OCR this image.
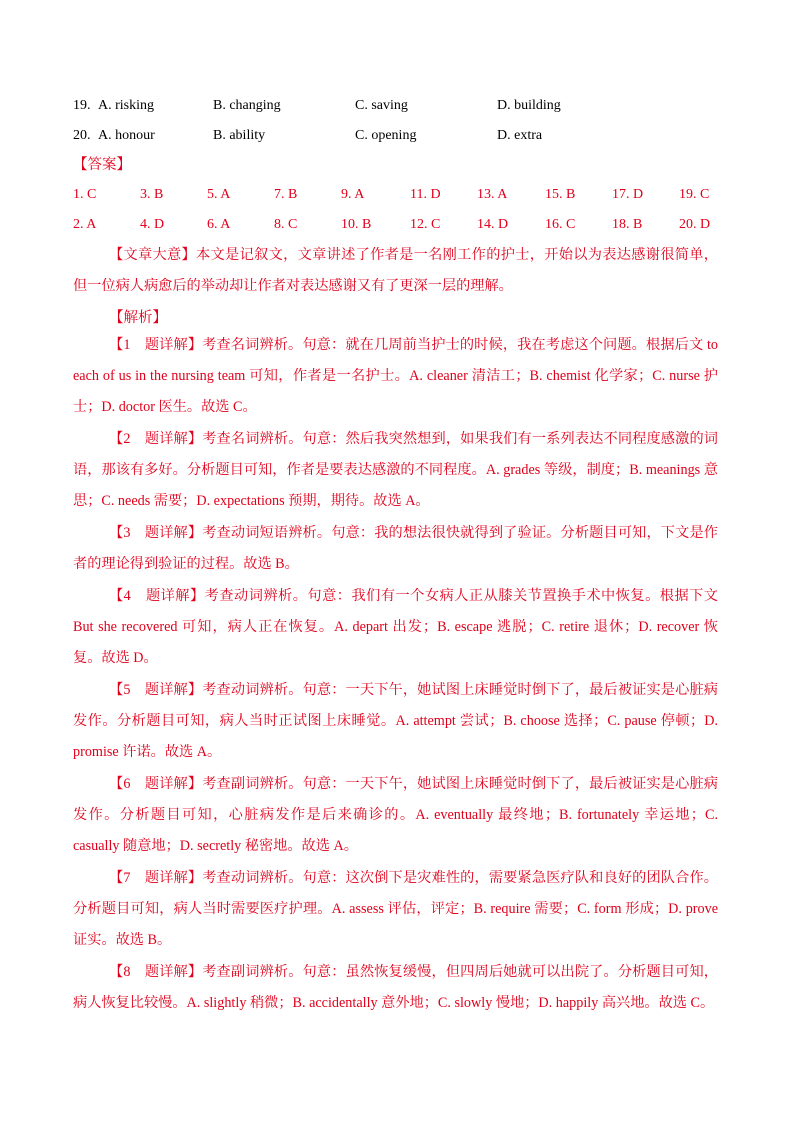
19. A. risking	B. changing	C. saving	D. building
20. A. honour	B. ability	C. opening	D. extra
【答案】
1. C	3. B	5. A	7. B	9. A	11. D	13. A	15. B	17. D	19. C
2. A	4. D	6. A	8. C	10. B	12. C	14. D	16. C	18. B	20. D
【文章大意】本文是记叙文，文章讲述了作者是一名刚工作的护士，开始以为表达感谢很简单，但一位病人病愈后的举动却让作者对表达感谢又有了更深一层的理解。
【解析】
【1　题详解】考查名词辨析。句意：就在几周前当护士的时候，我在考虑这个问题。根据后文 to each of us in the nursing team 可知，作者是一名护士。A. cleaner 清洁工；B. chemist 化学家；C. nurse 护士；D. doctor 医生。故选 C。
【2　题详解】考查名词辨析。句意：然后我突然想到，如果我们有一系列表达不同程度感激的词语，那该有多好。分析题目可知，作者是要表达感激的不同程度。A. grades 等级，制度；B. meanings 意思；C. needs 需要；D. expectations 预期，期待。故选 A。
【3　题详解】考查动词短语辨析。句意：我的想法很快就得到了验证。分析题目可知，下文是作者的理论得到验证的过程。故选 B。
【4　题详解】考查动词辨析。句意：我们有一个女病人正从膝关节置换手术中恢复。根据下文 But she recovered 可知，病人正在恢复。A. depart 出发；B. escape 逃脱；C. retire 退休；D. recover 恢复。故选 D。
【5　题详解】考查动词辨析。句意：一天下午，她试图上床睡觉时倒下了，最后被证实是心脏病发作。分析题目可知，病人当时正试图上床睡觉。A. attempt 尝试；B. choose 选择；C. pause 停顿；D. promise 许诺。故选 A。
【6　题详解】考查副词辨析。句意：一天下午，她试图上床睡觉时倒下了，最后被证实是心脏病发作。分析题目可知，心脏病发作是后来确诊的。A. eventually 最终地；B. fortunately 幸运地；C. casually 随意地；D. secretly 秘密地。故选 A。
【7　题详解】考查动词辨析。句意：这次倒下是灾难性的，需要紧急医疗队和良好的团队合作。分析题目可知，病人当时需要医疗护理。A. assess 评估，评定；B. require 需要；C. form 形成；D. prove 证实。故选 B。
【8　题详解】考查副词辨析。句意：虽然恢复缓慢，但四周后她就可以出院了。分析题目可知，病人恢复比较慢。A. slightly 稍微；B. accidentally 意外地；C. slowly 慢地；D. happily 高兴地。故选 C。
